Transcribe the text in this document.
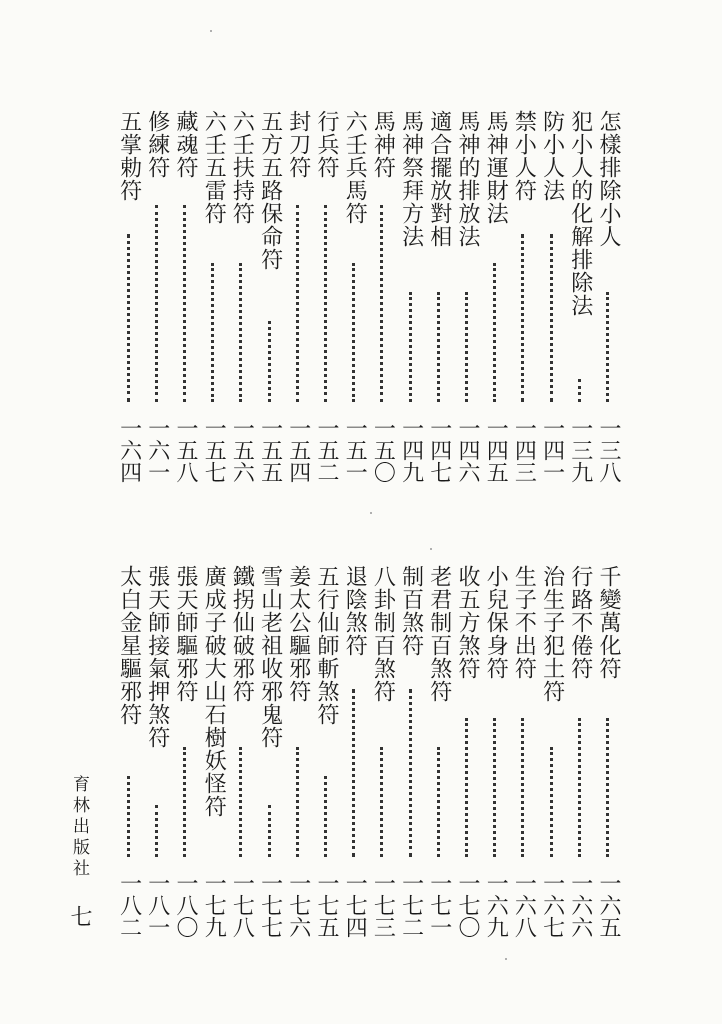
怎樣排除小人
一三八
犯小人的化解排除法
一三九
防小人法
一四一
禁小人符
一四三
馬神運財法
一四五
馬神的排放法
一四六
適合擺放對相
一四七
馬神祭拜方法
一四九
馬神符
一五〇
六壬兵馬符
一五一
行兵符
一五二
封刀符
一五四
五方五路保命符
一五五
六壬扶持符
一五六
六壬五雷符
一五七
藏魂符
一五八
修練符
一六一
五掌勅符
一六四
千變萬化符
一六五
行路不倦符
一六六
治生子犯土符
一六七
生子不出符
一六八
小兒保身符
一六九
收五方煞符
一七〇
老君制百煞符
一七一
制百煞符
一七二
八卦制百煞符
一七三
退陰煞符
一七四
五行仙師斬煞符
一七五
姜太公驅邪符
一七六
雪山老祖收邪鬼符
一七七
鐵拐仙破邪符
一七八
廣成子破大山石樹妖怪符
一七九
張天師驅邪符
一八〇
張天師接氣押煞符
一八一
太白金星驅邪符
一八二
育林出版社
七
